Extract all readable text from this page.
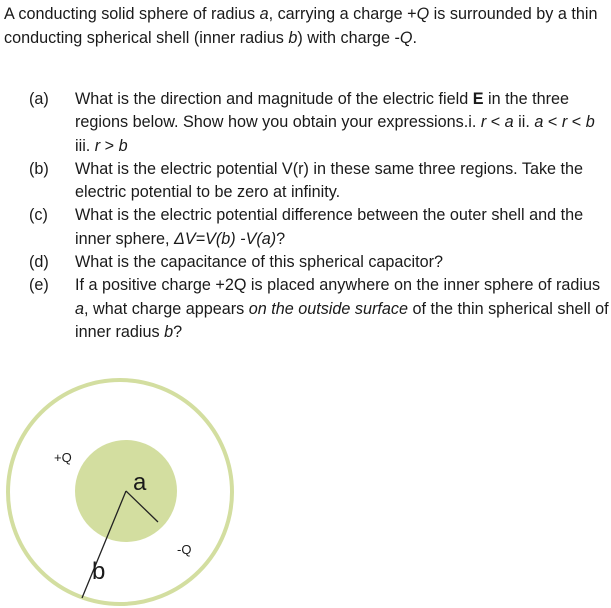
A conducting solid sphere of radius a, carrying a charge +Q is surrounded by a thin conducting spherical shell (inner radius b) with charge -Q.

(a) What is the direction and magnitude of the electric field E in the three regions below. Show how you obtain your expressions.i. r < a ii. a < r < b iii. r > b
(b) What is the electric potential V(r) in these same three regions. Take the electric potential to be zero at infinity.
(c) What is the electric potential difference between the outer shell and the inner sphere, ΔV=V(b) -V(a)?
(d) What is the capacitance of this spherical capacitor?
(e) If a positive charge +2Q is placed anywhere on the inner sphere of radius a, what charge appears on the outside surface of the thin spherical shell of inner radius b?
+Q
a
-Q
b
